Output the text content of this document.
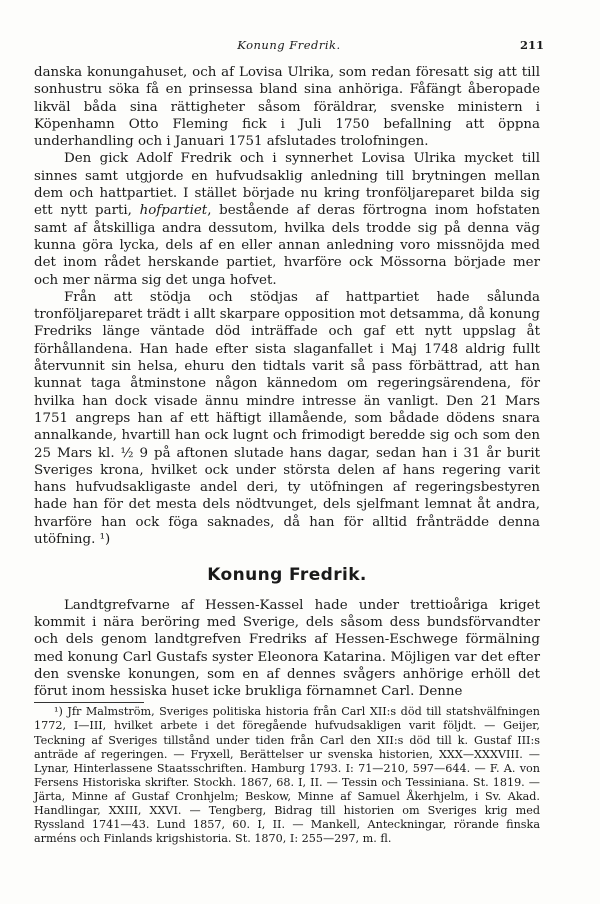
Konung Fredrik.	211

danska konungahuset, och af Lovisa Ulrika, som redan föresatt sig att till sonhustru söka få en prinsessa bland sina anhöriga. Fåfängt åberopade likväl båda sina rättigheter såsom föräldrar, svenske ministern i Köpenhamn Otto Fleming fick i Juli 1750 befallning att öppna underhandling och i Januari 1751 afslutades trolofningen.

Den gick Adolf Fredrik och i synnerhet Lovisa Ulrika mycket till sinnes samt utgjorde en hufvudsaklig anledning till brytningen mellan dem och hattpartiet. I stället började nu kring tronföljareparet bilda sig ett nytt parti, hofpartiet, bestående af deras förtrogna inom hofstaten samt af åtskilliga andra dessutom, hvilka dels trodde sig på denna väg kunna göra lycka, dels af en eller annan anledning voro missnöjda med det inom rådet herskande partiet, hvarföre ock Mössorna började mer och mer närma sig det unga hofvet.

Från att stödja och stödjas af hattpartiet hade sålunda tronföljareparet trädt i allt skarpare opposition mot detsamma, då konung Fredriks länge väntade död inträffade och gaf ett nytt uppslag åt förhållandena. Han hade efter sista slaganfallet i Maj 1748 aldrig fullt återvunnit sin helsa, ehuru den tidtals varit så pass förbättrad, att han kunnat taga åtminstone någon kännedom om regeringsärendena, för hvilka han dock visade ännu mindre intresse än vanligt. Den 21 Mars 1751 angreps han af ett häftigt illamående, som bådade dödens snara annalkande, hvartill han ock lugnt och frimodigt beredde sig och som den 25 Mars kl. ½ 9 på aftonen slutade hans dagar, sedan han i 31 år burit Sveriges krona, hvilket ock under största delen af hans regering varit hans hufvudsakligaste andel deri, ty utöfningen af regeringsbestyren hade han för det mesta dels nödtvunget, dels sjelfmant lemnat åt andra, hvarföre han ock föga saknades, då han för alltid frånträdde denna utöfning. ¹)

Konung Fredrik.

Landtgrefvarne af Hessen-Kassel hade under trettioåriga kriget kommit i nära beröring med Sverige, dels såsom dess bundsförvandter och dels genom landtgrefven Fredriks af Hessen-Eschwege förmälning med konung Carl Gustafs syster Eleonora Katarina. Möjligen var det efter den svenske konungen, som en af dennes svågers anhörige erhöll det förut inom hessiska huset icke brukliga förnamnet Carl. Denne

¹) Jfr Malmström, Sveriges politiska historia från Carl XII:s död till statshvälfningen 1772, I—III, hvilket arbete i det föregående hufvudsakligen varit följdt. — Geijer, Teckning af Sveriges tillstånd under tiden från Carl den XII:s död till k. Gustaf III:s anträde af regeringen. — Fryxell, Berättelser ur svenska historien, XXX—XXXVIII. — Lynar, Hinterlassene Staatsschriften. Hamburg 1793. I: 71—210, 597—644. — F. A. von Fersens Historiska skrifter. Stockh. 1867, 68. I, II. — Tessin och Tessiniana. St. 1819. — Järta, Minne af Gustaf Cronhjelm; Beskow, Minne af Samuel Åkerhjelm, i Sv. Akad. Handlingar, XXIII, XXVI. — Tengberg, Bidrag till historien om Sveriges krig med Ryssland 1741—43. Lund 1857, 60. I, II. — Mankell, Anteckningar, rörande finska arméns och Finlands krigshistoria. St. 1870, I: 255—297, m. fl.
